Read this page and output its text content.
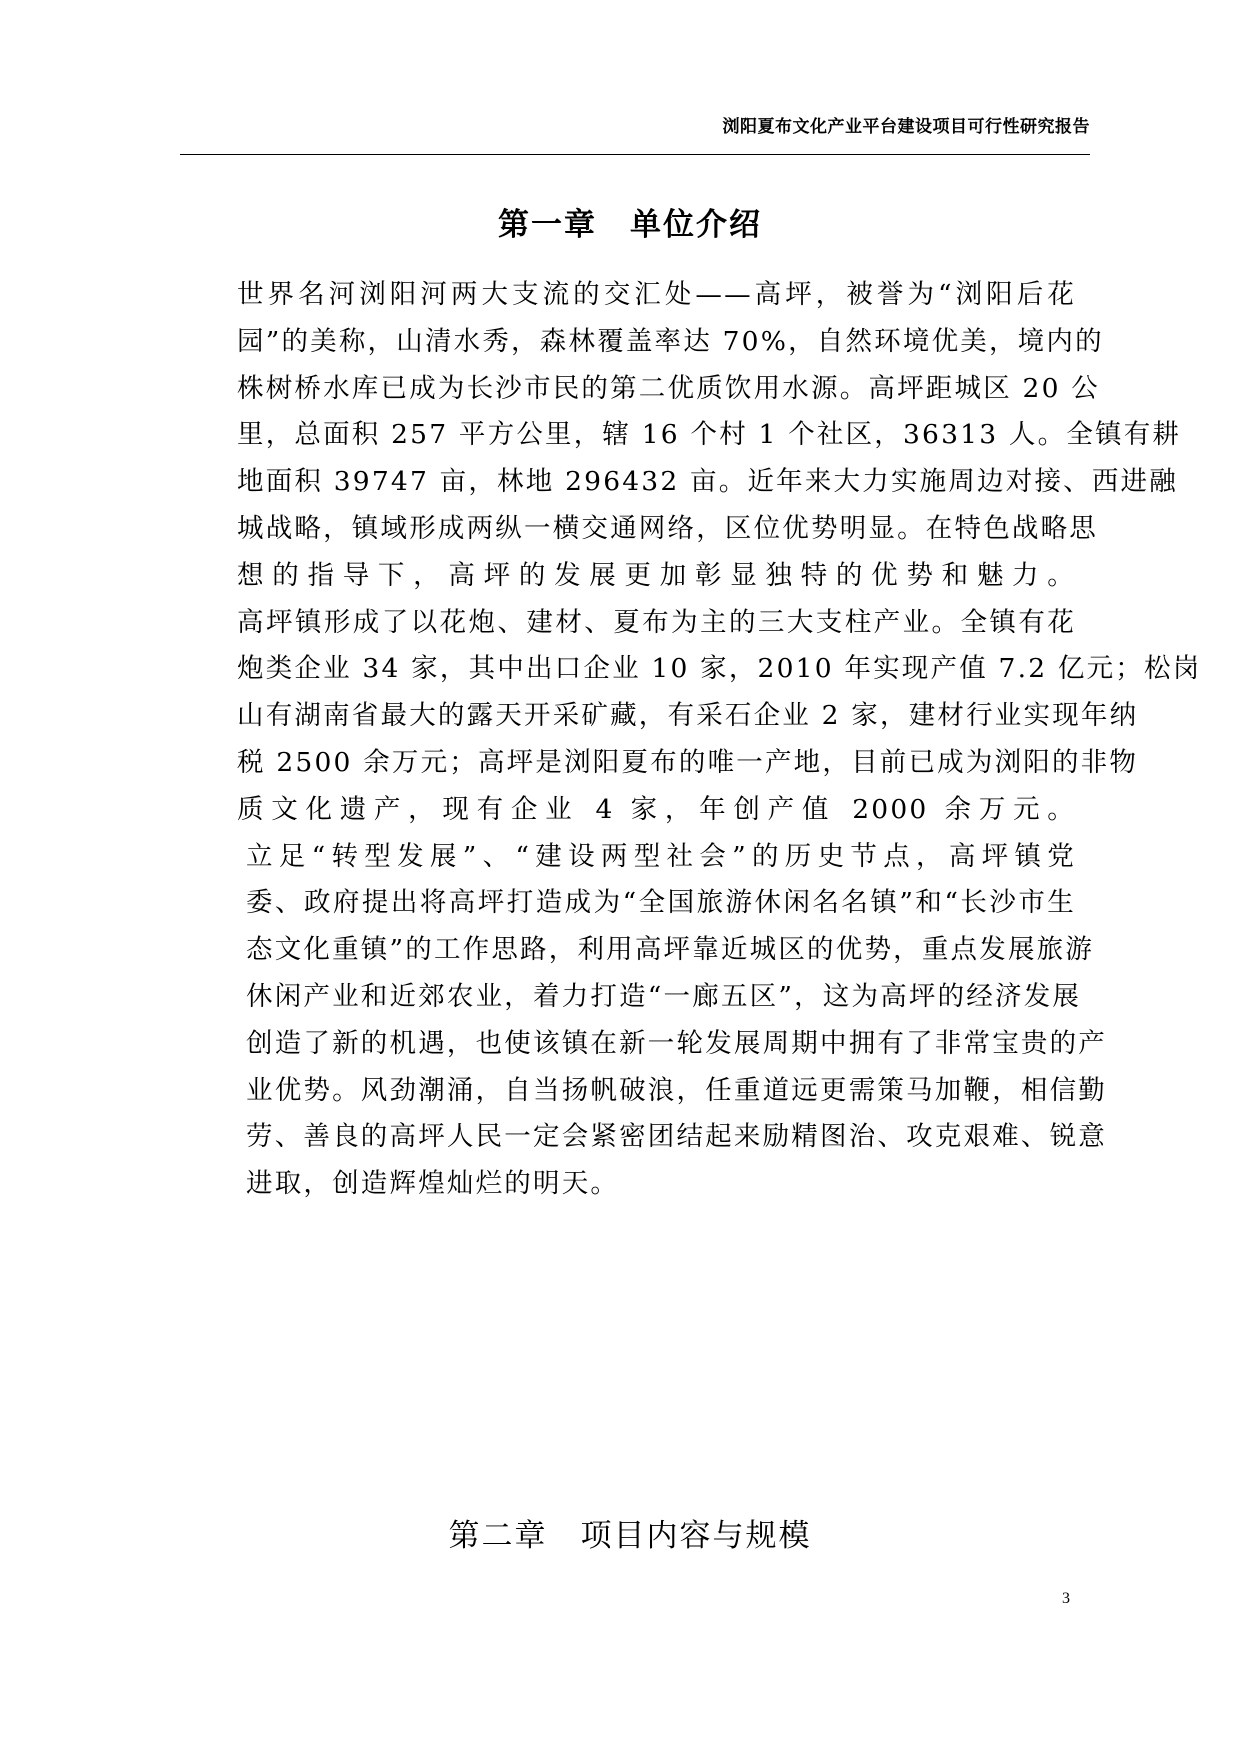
浏阳夏布文化产业平台建设项目可行性研究报告
第一章　单位介绍

世界名河浏阳河两大支流的交汇处——高坪，被誉为“浏阳后花
园”的美称，山清水秀，森林覆盖率达 70%，自然环境优美，境内的
株树桥水库已成为长沙市民的第二优质饮用水源。高坪距城区 20 公
里，总面积 257 平方公里，辖 16 个村 1 个社区，36313 人。全镇有耕
地面积 39747 亩，林地 296432 亩。近年来大力实施周边对接、西进融
城战略，镇域形成两纵一横交通网络，区位优势明显。在特色战略思
想的指导下，高坪的发展更加彰显独特的优势和魅力。

高坪镇形成了以花炮、建材、夏布为主的三大支柱产业。全镇有花
炮类企业 34 家，其中出口企业 10 家，2010 年实现产值 7.2 亿元；松岗
山有湖南省最大的露天开采矿藏，有采石企业 2 家，建材行业实现年纳
税 2500 余万元；高坪是浏阳夏布的唯一产地，目前已成为浏阳的非物
质文化遗产，现有企业 4 家，年创产值 2000 余万元。

立足“转型发展”、“建设两型社会”的历史节点，高坪镇党
委、政府提出将高坪打造成为“全国旅游休闲名名镇”和“长沙市生
态文化重镇”的工作思路，利用高坪靠近城区的优势，重点发展旅游
休闲产业和近郊农业，着力打造“一廊五区”，这为高坪的经济发展
创造了新的机遇，也使该镇在新一轮发展周期中拥有了非常宝贵的产
业优势。风劲潮涌，自当扬帆破浪，任重道远更需策马加鞭，相信勤
劳、善良的高坪人民一定会紧密团结起来励精图治、攻克艰难、锐意
进取，创造辉煌灿烂的明天。

第二章　项目内容与规模
3
